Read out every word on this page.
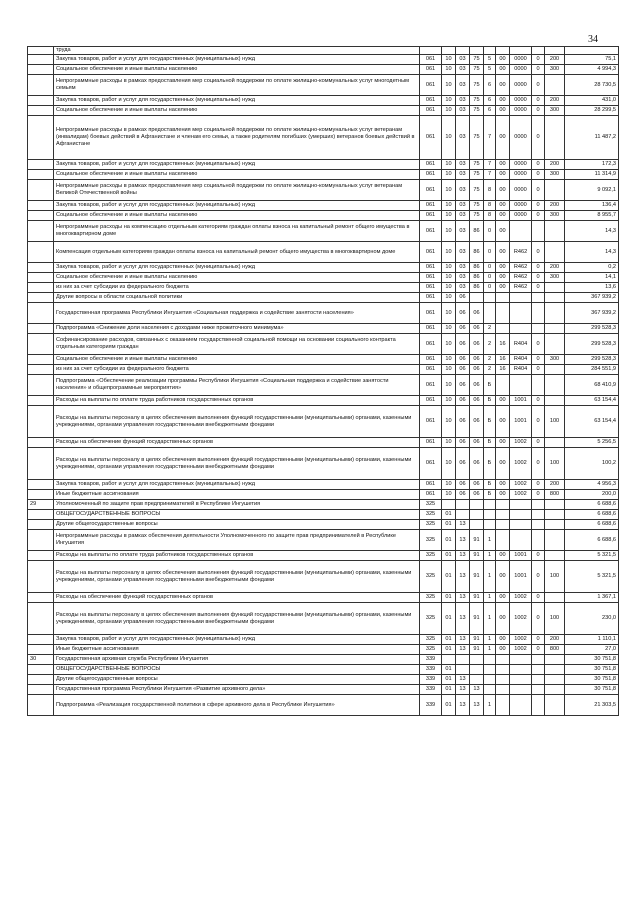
34
	труда										
	Закупка товаров, работ и услуг для государственных (муниципальных) нужд	061	10	03	75	5	00	0000	0	200	75,1
	Социальное обеспечение и иные выплаты населению	061	10	03	75	5	00	0000	0	300	4 994,3
	Непрограммные расходы в рамках предоставления мер социальной поддержки по оплате жилищно-коммунальных услуг многодетным семьям	061	10	03	75	6	00	0000	0		28 730,5
	Закупка товаров, работ и услуг для государственных (муниципальных) нужд	061	10	03	75	6	00	0000	0	200	431,0
	Социальное обеспечение и иные выплаты населению	061	10	03	75	6	00	0000	0	300	28 299,5
	Непрограммные расходы в рамках предоставления мер социальной поддержки по оплате жилищно-коммунальных услуг ветеранам (инвалидам) боевых действий в Афганистане и членам его семьи, а также родителям погибших (умерших) ветеранов боевых действий в Афганистане	061	10	03	75	7	00	0000	0		11 487,2
	Закупка товаров, работ и услуг для государственных (муниципальных) нужд	061	10	03	75	7	00	0000	0	200	172,3
	Социальное обеспечение и иные выплаты населению	061	10	03	75	7	00	0000	0	300	11 314,9
	Непрограммные расходы в рамках предоставления мер социальной поддержки по оплате жилищно-коммунальных услуг ветеранам Великой Отечественной войны	061	10	03	75	8	00	0000	0		9 092,1
	Закупка товаров, работ и услуг для государственных (муниципальных) нужд	061	10	03	75	8	00	0000	0	200	136,4
	Социальное обеспечение и иные выплаты населению	061	10	03	75	8	00	0000	0	300	8 955,7
	Непрограммные расходы на компенсацию отдельным категориям граждан оплаты взноса на капитальный ремонт общего имущества в многоквартирном доме	061	10	03	86	0	00				14,3
	Компенсация отдельным категориям граждан оплаты взноса на капитальный ремонт общего имущества в многоквартирном доме	061	10	03	86	0	00	R462	0		14,3
	Закупка товаров, работ и услуг для государственных (муниципальных) нужд	061	10	03	86	0	00	R462	0	200	0,2
	Социальное обеспечение и иные выплаты населению	061	10	03	86	0	00	R462	0	300	14,1
	из них за счет субсидии из федерального бюджета	061	10	03	86	0	00	R462	0		13,6
	Другие вопросы в области социальной политики	061	10	06							367 939,2
	Государственная программа Республики Ингушетия «Социальная поддержка и содействие занятости населения»	061	10	06	06						367 939,2
	Подпрограмма «Снижение доли населения с доходами ниже прожиточного минимума»	061	10	06	06	2					299 528,3
	Софинансирование расходов, связанных с оказанием государственной социальной помощи на основании социального контракта отдельным категориям граждан	061	10	06	06	2	16	R404	0		299 528,3
	Социальное обеспечение и иные выплаты населению	061	10	06	06	2	16	R404	0	300	299 528,3
	из них за счет субсидии из федерального бюджета	061	10	06	06	2	16	R404	0		284 551,9
	Подпрограмма «Обеспечение реализации программы Республики Ингушетия «Социальная поддержка и содействие занятости населения» и общепрограммные мероприятия»	061	10	06	06	Б					68 410,9
	Расходы на выплаты по оплате труда работников государственных органов	061	10	06	06	Б	00	1001	0		63 154,4
	Расходы на выплаты персоналу в целях обеспечения выполнения функций государственными (муниципальными) органами, казенными учреждениями, органами управления государственными внебюджетными фондами	061	10	06	06	Б	00	1001	0	100	63 154,4
	Расходы на обеспечение функций государственных органов	061	10	06	06	Б	00	1002	0		5 256,5
	Расходы на выплаты персоналу в целях обеспечения выполнения функций государственными (муниципальными) органами, казенными учреждениями, органами управления государственными внебюджетными фондами	061	10	06	06	Б	00	1002	0	100	100,2
	Закупка товаров, работ и услуг для государственных (муниципальных) нужд	061	10	06	06	Б	00	1002	0	200	4 956,3
	Иные бюджетные ассигнования	061	10	06	06	Б	00	1002	0	800	200,0
29	Уполномоченный по защите прав предпринимателей в Республике Ингушетия	325									6 688,6
	ОБЩЕГОСУДАРСТВЕННЫЕ ВОПРОСЫ	325	01								6 688,6
	Другие общегосударственные вопросы	325	01	13							6 688,6
	Непрограммные расходы в рамках обеспечения деятельности Уполномоченного по защите прав предпринимателей в Республике Ингушетия	325	01	13	91	1					6 688,6
	Расходы на выплаты по оплате труда работников государственных органов	325	01	13	91	1	00	1001	0		5 321,5
	Расходы на выплаты персоналу в целях обеспечения выполнения функций государственными (муниципальными) органами, казенными учреждениями, органами управления государственными внебюджетными фондами	325	01	13	91	1	00	1001	0	100	5 321,5
	Расходы на обеспечение функций государственных органов	325	01	13	91	1	00	1002	0		1 367,1
	Расходы на выплаты персоналу в целях обеспечения выполнения функций государственными (муниципальными) органами, казенными учреждениями, органами управления государственными внебюджетными фондами	325	01	13	91	1	00	1002	0	100	230,0
	Закупка товаров, работ и услуг для государственных (муниципальных) нужд	325	01	13	91	1	00	1002	0	200	1 110,1
	Иные бюджетные ассигнования	325	01	13	91	1	00	1002	0	800	27,0
30	Государственная архивная служба Республики Ингушетия	339									30 751,8
	ОБЩЕГОСУДАРСТВЕННЫЕ ВОПРОСЫ	339	01								30 751,8
	Другие общегосударственные вопросы	339	01	13							30 751,8
	Государственная программа Республики Ингушетия «Развитие архивного дела»	339	01	13	13						30 751,8
	Подпрограмма «Реализация государственной политики в сфере архивного дела в Республике Ингушетия»	339	01	13	13	1					21 303,5
